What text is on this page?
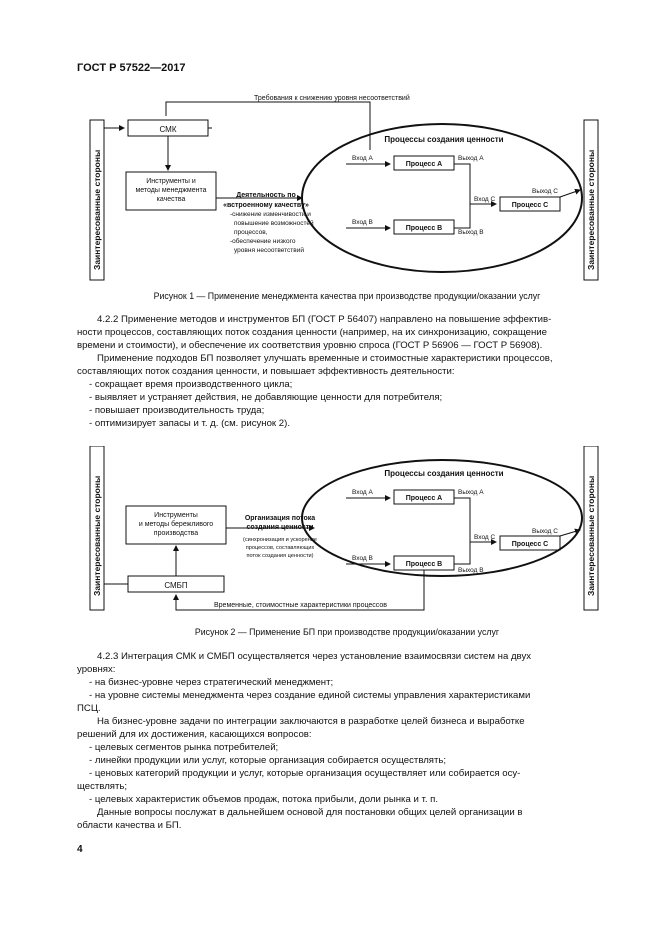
ГОСТ Р 57522—2017
Заинтересованные стороны	Заинтересованные стороны
Требования к снижению уровня несоответствий
СМК
Инструменты и
методы менеджмента
качества
Деятельность по
«встроенному качеству»
-снижение изменчивости и
повышение возможностей
процессов,
-обеспечение низкого
уровня несоответствий
Процессы создания ценности
Вход А
Процесс А
Выход А
Вход В
Процесс В
Выход В
Вход С
Процесс С
Выход С
Рисунок 1 — Применение менеджмента качества при производстве продукции/оказании услуг

4.2.2 Применение методов и инструментов БП (ГОСТ Р 56407) направлено на повышение эффектив-

ности процессов, составляющих поток создания ценности (например, на их синхронизацию, сокращение

времени и стоимости), и обеспечение их соответствия уровню спроса (ГОСТ Р 56906 — ГОСТ Р 56908).

Применение подходов БП позволяет улучшать временные и стоимостные характеристики процессов,

составляющих поток создания ценности, и повышает эффективность деятельности:

- сокращает время производственного цикла;

- выявляет и устраняет действия, не добавляющие ценности для потребителя;

- повышает производительность труда;

- оптимизирует запасы и т. д. (см. рисунок 2).

Заинтересованные стороны	Заинтересованные стороны
Инструменты
и методы бережливого
производства
Организация потока
создания ценности
(синхронизация и ускорение
процессов, составляющих
поток создания ценности)
СМБП
Временные, стоимостные характеристики процессов
Процессы создания ценности
Вход А
Процесс А
Выход А
Вход В
Процесс В
Выход В
Вход С
Процесс С
Выход С
Рисунок 2 — Применение БП при производстве продукции/оказании услуг

4.2.3 Интеграция СМК и СМБП осуществляется через установление взаимосвязи систем на двух

уровнях:

- на бизнес-уровне через стратегический менеджмент;

- на уровне системы менеджмента через создание единой системы управления характеристиками

ПСЦ.

На бизнес-уровне задачи по интеграции заключаются в разработке целей бизнеса и выработке

решений для их достижения, касающихся вопросов:

- целевых сегментов рынка потребителей;

- линейки продукции или услуг, которые организация собирается осуществлять;

- ценовых категорий продукции и услуг, которые организация осуществляет или собирается осу-

ществлять;

- целевых характеристик объемов продаж, потока прибыли, доли рынка и т. п.

Данные вопросы послужат в дальнейшем основой для постановки общих целей организации в

области качества и БП.

4
